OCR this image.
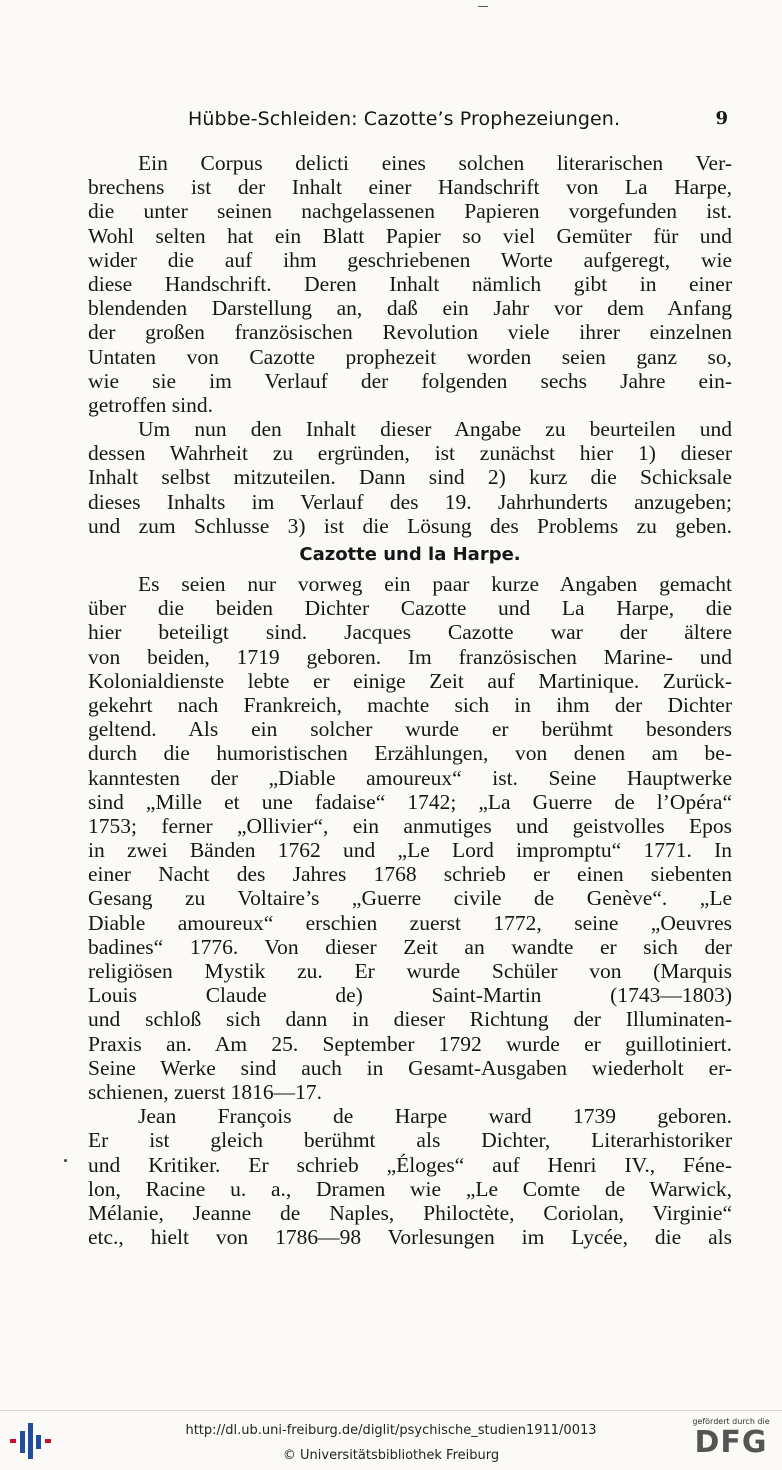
Hübbe-Schleiden: Cazotte’s Prophezeiungen.	9
Ein Corpus delicti eines solchen literarischen Ver-
brechens ist der Inhalt einer Handschrift von La Harpe,
die unter seinen nachgelassenen Papieren vorgefunden ist.
Wohl selten hat ein Blatt Papier so viel Gemüter für und
wider die auf ihm geschriebenen Worte aufgeregt, wie
diese Handschrift. Deren Inhalt nämlich gibt in einer
blendenden Darstellung an, daß ein Jahr vor dem Anfang
der großen französischen Revolution viele ihrer einzelnen
Untaten von Cazotte prophezeit worden seien ganz so,
wie sie im Verlauf der folgenden sechs Jahre ein-
getroffen sind.
Um nun den Inhalt dieser Angabe zu beurteilen und
dessen Wahrheit zu ergründen, ist zunächst hier 1) dieser
Inhalt selbst mitzuteilen. Dann sind 2) kurz die Schicksale
dieses Inhalts im Verlauf des 19. Jahrhunderts anzugeben;
und zum Schlusse 3) ist die Lösung des Problems zu geben.
Cazotte und la Harpe.
Es seien nur vorweg ein paar kurze Angaben gemacht
über die beiden Dichter Cazotte und La Harpe, die
hier beteiligt sind. Jacques Cazotte war der ältere
von beiden, 1719 geboren. Im französischen Marine- und
Kolonialdienste lebte er einige Zeit auf Martinique. Zurück-
gekehrt nach Frankreich, machte sich in ihm der Dichter
geltend. Als ein solcher wurde er berühmt besonders
durch die humoristischen Erzählungen, von denen am be-
kanntesten der „Diable amoureux“ ist. Seine Hauptwerke
sind „Mille et une fadaise“ 1742; „La Guerre de l’Opéra“
1753; ferner „Ollivier“, ein anmutiges und geistvolles Epos
in zwei Bänden 1762 und „Le Lord impromptu“ 1771. In
einer Nacht des Jahres 1768 schrieb er einen siebenten
Gesang zu Voltaire’s „Guerre civile de Genève“. „Le
Diable amoureux“ erschien zuerst 1772, seine „Oeuvres
badines“ 1776. Von dieser Zeit an wandte er sich der
religiösen Mystik zu. Er wurde Schüler von (Marquis
Louis Claude de) Saint-Martin (1743—1803)
und schloß sich dann in dieser Richtung der Illuminaten-
Praxis an. Am 25. September 1792 wurde er guillotiniert.
Seine Werke sind auch in Gesamt-Ausgaben wiederholt er-
schienen, zuerst 1816—17.
Jean François de Harpe ward 1739 geboren.
Er ist gleich berühmt als Dichter, Literarhistoriker
und Kritiker. Er schrieb „Éloges“ auf Henri IV., Féne-
lon, Racine u. a., Dramen wie „Le Comte de Warwick,
Mélanie, Jeanne de Naples, Philoctète, Coriolan, Virginie“
etc., hielt von 1786—98 Vorlesungen im Lycée, die als
http://dl.ub.uni-freiburg.de/diglit/psychische_studien1911/0013
© Universitätsbibliothek Freiburg
gefördert durch die
DFG
